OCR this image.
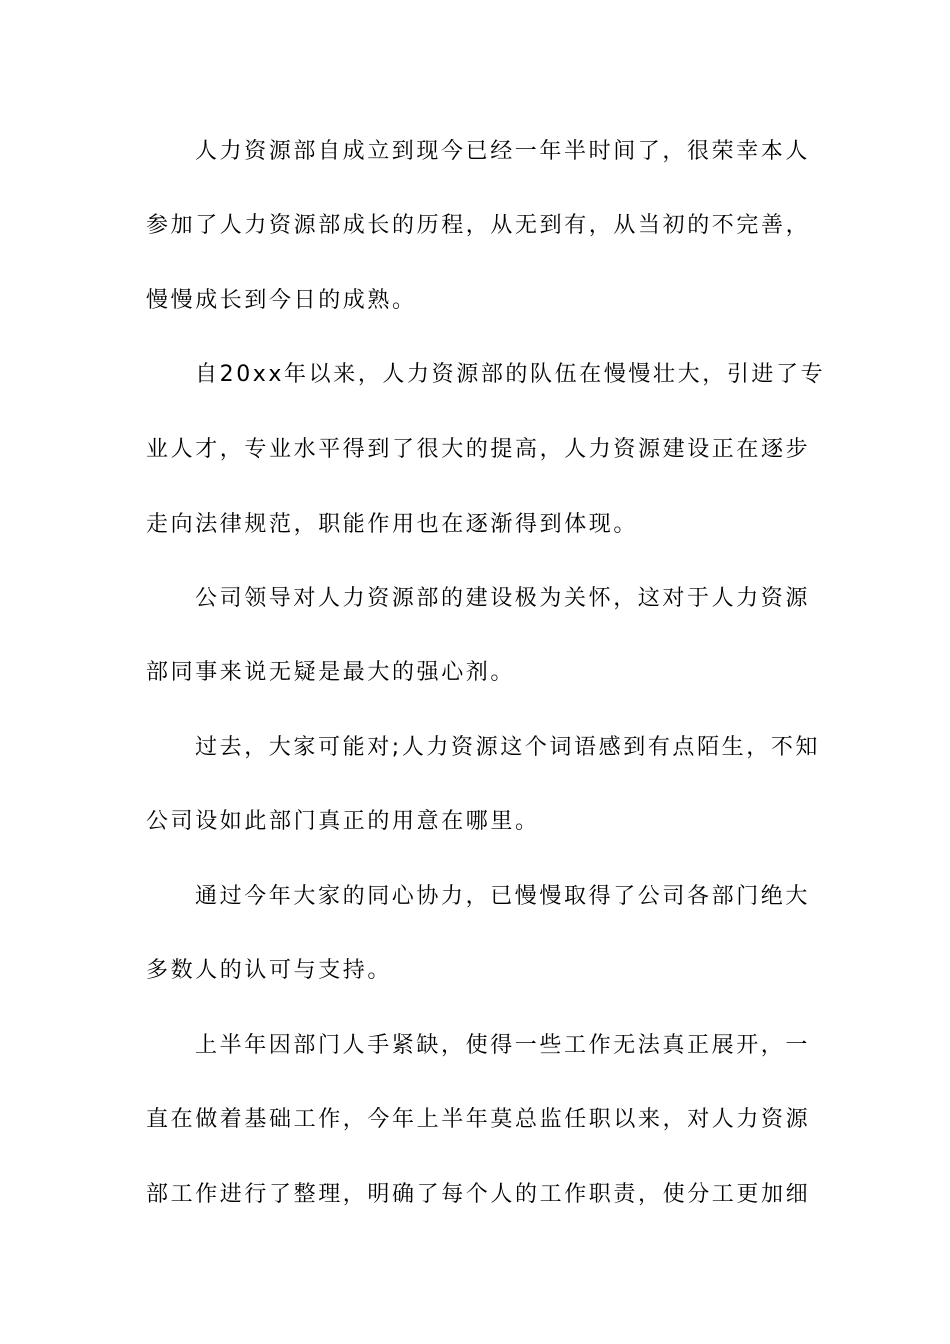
人力资源部自成立到现今已经一年半时间了，很荣幸本人
参加了人力资源部成长的历程，从无到有，从当初的不完善，
慢慢成长到今日的成熟。
自20xx年以来，人力资源部的队伍在慢慢壮大，引进了专
业人才，专业水平得到了很大的提高，人力资源建设正在逐步
走向法律规范，职能作用也在逐渐得到体现。
公司领导对人力资源部的建设极为关怀，这对于人力资源
部同事来说无疑是最大的强心剂。
过去，大家可能对;人力资源这个词语感到有点陌生，不知
公司设如此部门真正的用意在哪里。
通过今年大家的同心协力，已慢慢取得了公司各部门绝大
多数人的认可与支持。
上半年因部门人手紧缺，使得一些工作无法真正展开，一
直在做着基础工作，今年上半年莫总监任职以来，对人力资源
部工作进行了整理，明确了每个人的工作职责，使分工更加细
